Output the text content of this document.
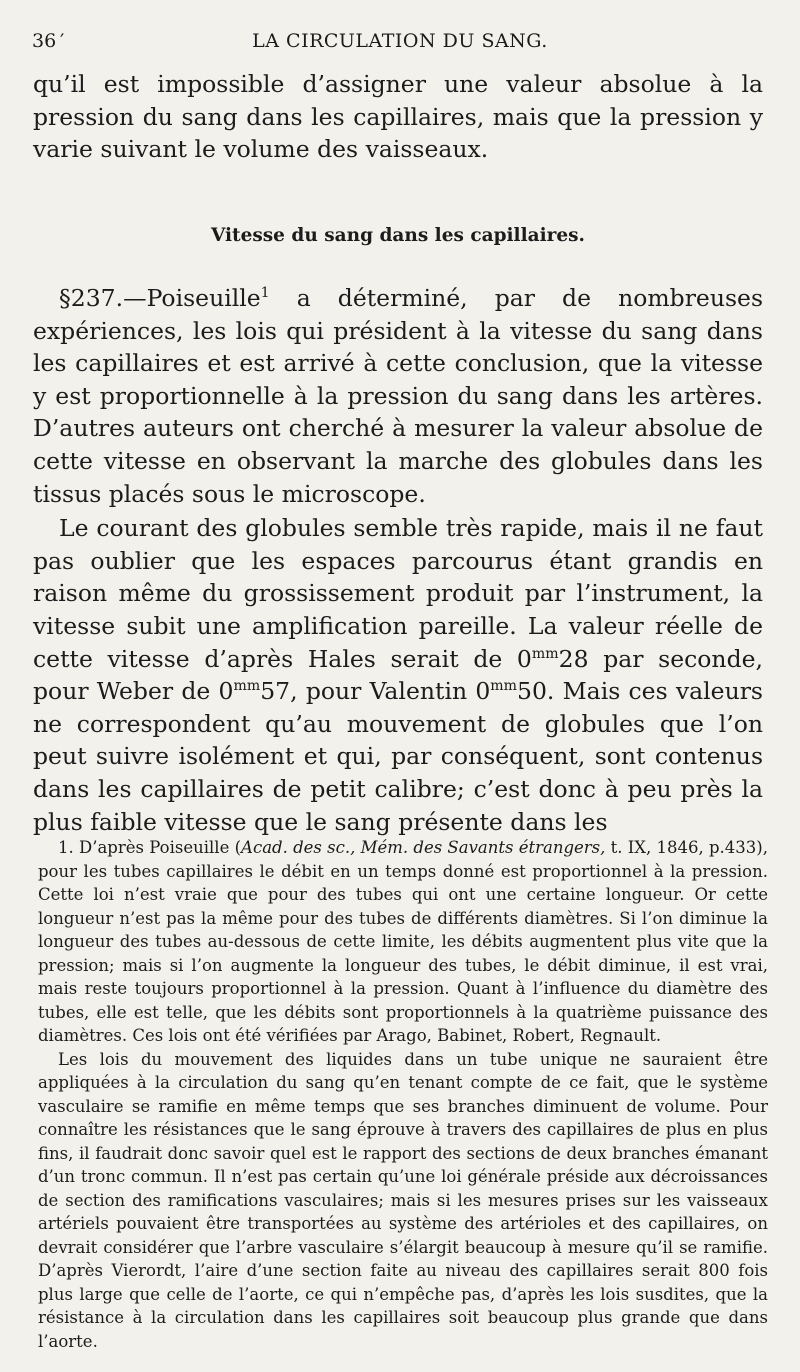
36 ′	LA CIRCULATION DU SANG.

qu’il est impossible d’assigner une valeur absolue à la pression du sang dans les capillaires, mais que la pression y varie suivant le volume des vaisseaux.

Vitesse du sang dans les capillaires.

§237.—Poiseuille$^1$ a déterminé, par de nombreuses expériences, les lois qui président à la vitesse du sang dans les capillaires et est arrivé à cette conclusion, que la vitesse y est proportionnelle à la pression du sang dans les artères. D’autres auteurs ont cherché à mesurer la valeur absolue de cette vitesse en observant la marche des globules dans les tissus placés sous le microscope.

Le courant des globules semble très rapide, mais il ne faut pas oublier que les espaces parcourus étant grandis en raison même du grossissement produit par l’instrument, la vitesse subit une amplification pareille. La valeur réelle de cette vitesse d’après Hales serait de $0^{mm}28$ par seconde, pour Weber de $0^{mm}57$, pour Valentin $0^{mm}50$. Mais ces valeurs ne correspondent qu’au mouvement de globules que l’on peut suivre isolément et qui, par conséquent, sont contenus dans les capillaires de petit calibre; c’est donc à peu près la plus faible vitesse que le sang présente dans les

1. D’après Poiseuille (Acad. des sc., Mém. des Savants étrangers, t. IX, 1846, p.433), pour les tubes capillaires le débit en un temps donné est proportionnel à la pression. Cette loi n’est vraie que pour des tubes qui ont une certaine longueur. Or cette longueur n’est pas la même pour des tubes de différents diamètres. Si l’on diminue la longueur des tubes au-dessous de cette limite, les débits augmentent plus vite que la pression; mais si l’on augmente la longueur des tubes, le débit diminue, il est vrai, mais reste toujours proportionnel à la pression. Quant à l’influence du diamètre des tubes, elle est telle, que les débits sont proportionnels à la quatrième puissance des diamètres. Ces lois ont été vérifiées par Arago, Babinet, Robert, Regnault.

Les lois du mouvement des liquides dans un tube unique ne sauraient être appliquées à la circulation du sang qu’en tenant compte de ce fait, que le système vasculaire se ramifie en même temps que ses branches diminuent de volume. Pour connaître les résistances que le sang éprouve à travers des capillaires de plus en plus fins, il faudrait donc savoir quel est le rapport des sections de deux branches émanant d’un tronc commun. Il n’est pas certain qu’une loi générale préside aux décroissances de section des ramifications vasculaires; mais si les mesures prises sur les vaisseaux artériels pouvaient être transportées au système des artérioles et des capillaires, on devrait considérer que l’arbre vasculaire s’élargit beaucoup à mesure qu’il se ramifie. D’après Vierordt, l’aire d’une section faite au niveau des capillaires serait 800 fois plus large que celle de l’aorte, ce qui n’empêche pas, d’après les lois susdites, que la résistance à la circulation dans les capillaires soit beaucoup plus grande que dans l’aorte.
